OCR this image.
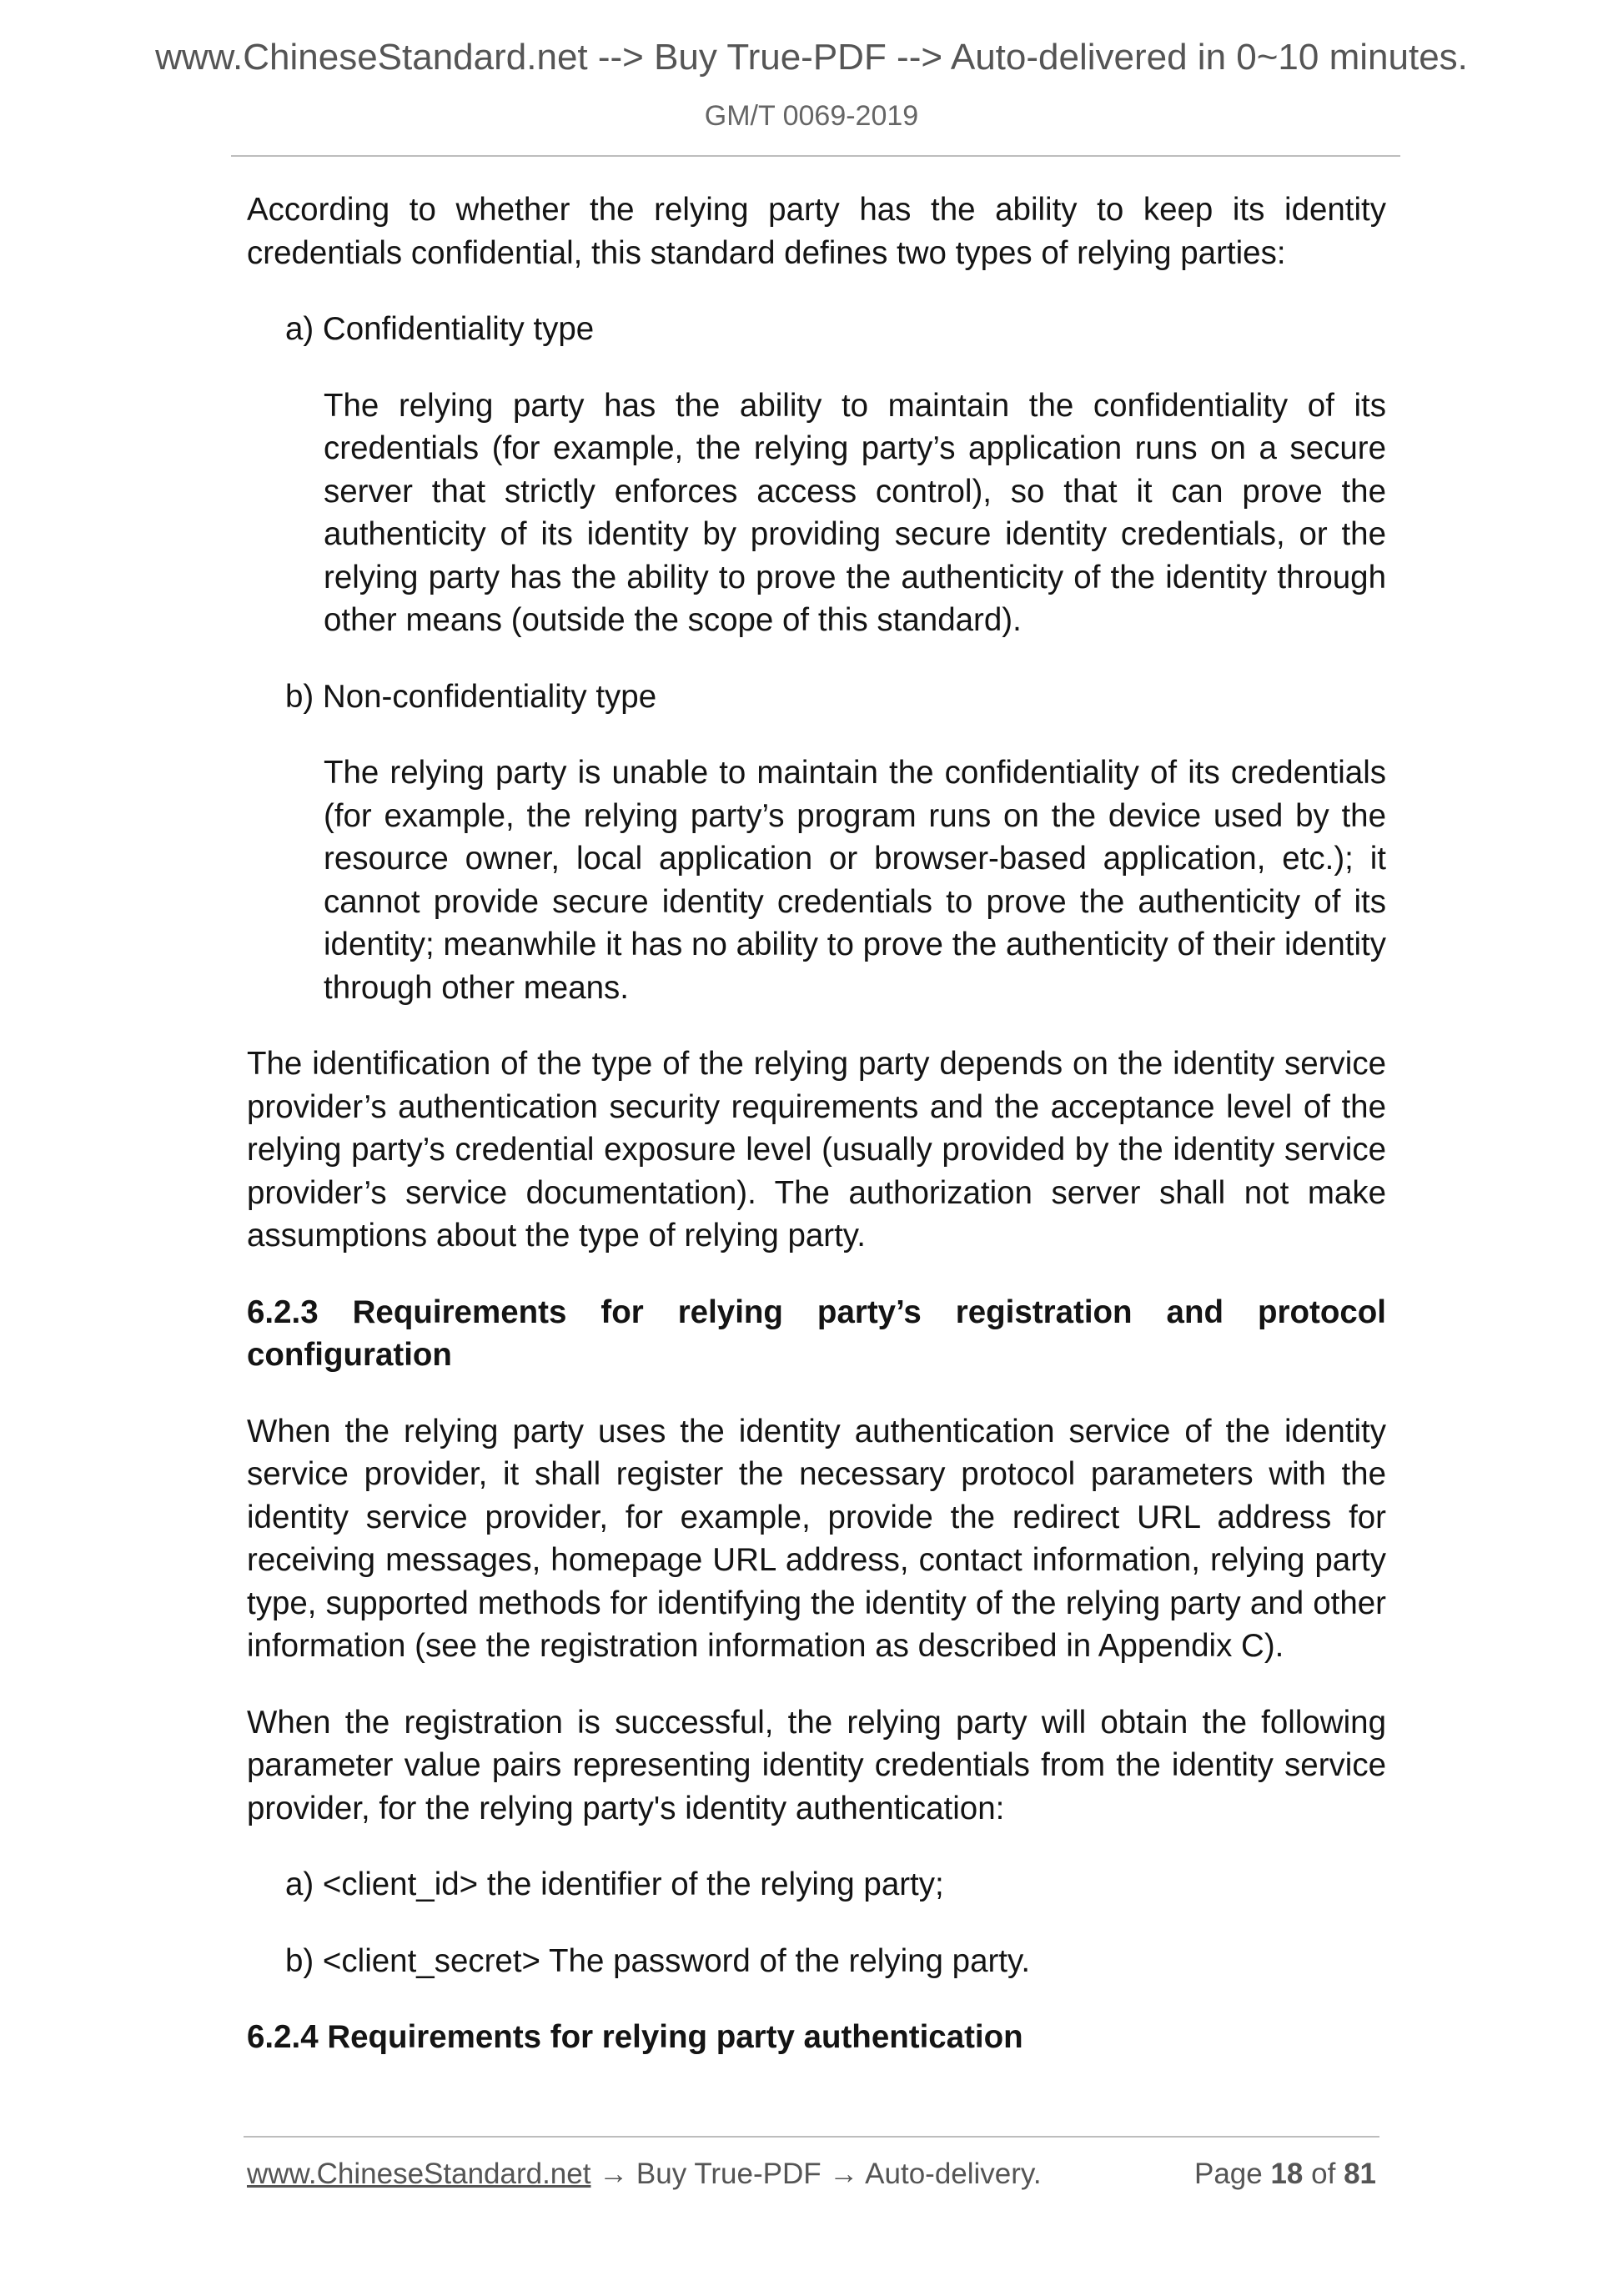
www.ChineseStandard.net --> Buy True-PDF --> Auto-delivered in 0~10 minutes.
GM/T 0069-2019

According to whether the relying party has the ability to keep its identity credentials confidential, this standard defines two types of relying parties:

a) Confidentiality type

The relying party has the ability to maintain the confidentiality of its credentials (for example, the relying party’s application runs on a secure server that strictly enforces access control), so that it can prove the authenticity of its identity by providing secure identity credentials, or the relying party has the ability to prove the authenticity of the identity through other means (outside the scope of this standard).

b) Non-confidentiality type

The relying party is unable to maintain the confidentiality of its credentials (for example, the relying party’s program runs on the device used by the resource owner, local application or browser-based application, etc.); it cannot provide secure identity credentials to prove the authenticity of its identity; meanwhile it has no ability to prove the authenticity of their identity through other means.

The identification of the type of the relying party depends on the identity service provider’s authentication security requirements and the acceptance level of the relying party’s credential exposure level (usually provided by the identity service provider’s service documentation). The authorization server shall not make assumptions about the type of relying party.

6.2.3 Requirements for relying party’s registration and protocol configuration

When the relying party uses the identity authentication service of the identity service provider, it shall register the necessary protocol parameters with the identity service provider, for example, provide the redirect URL address for receiving messages, homepage URL address, contact information, relying party type, supported methods for identifying the identity of the relying party and other information (see the registration information as described in Appendix C).

When the registration is successful, the relying party will obtain the following parameter value pairs representing identity credentials from the identity service provider, for the relying party's identity authentication:

a) <client_id> the identifier of the relying party;

b) <client_secret> The password of the relying party.

6.2.4 Requirements for relying party authentication

www.ChineseStandard.net → Buy True-PDF → Auto-delivery.	Page 18 of 81
